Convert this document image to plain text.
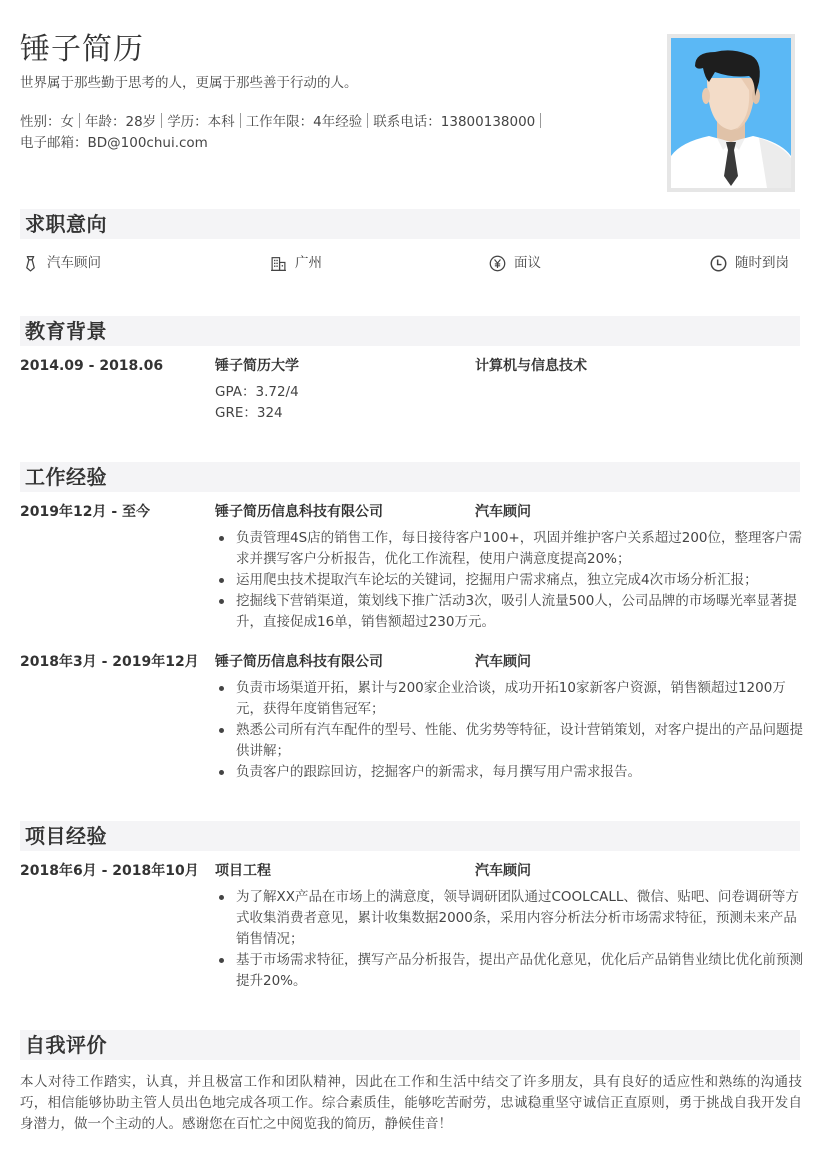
锤子简历
世界属于那些勤于思考的人，更属于那些善于行动的人。
性别：女 年龄：28岁 学历：本科 工作年限：4年经验 联系电话：13800138000
电子邮箱：BD@100chui.com
求职意向
汽车顾问	广州	面议	随时到岗
教育背景
2014.09 - 2018.06	锤子简历大学	计算机与信息技术
GPA：3.72/4
GRE：324
工作经验
2019年12月 - 至今	锤子简历信息科技有限公司	汽车顾问
负责管理4S店的销售工作，每日接待客户100+，巩固并维护客户关系超过200位，整理客户需求并撰写客户分析报告，优化工作流程，使用户满意度提高20%；
运用爬虫技术提取汽车论坛的关键词，挖掘用户需求痛点，独立完成4次市场分析汇报；
挖掘线下营销渠道，策划线下推广活动3次，吸引人流量500人，公司品牌的市场曝光率显著提升，直接促成16单，销售额超过230万元。
2018年3月 - 2019年12月 锤子简历信息科技有限公司	汽车顾问
负责市场渠道开拓，累计与200家企业洽谈，成功开拓10家新客户资源，销售额超过1200万元，获得年度销售冠军；
熟悉公司所有汽车配件的型号、性能、优劣势等特征，设计营销策划，对客户提出的产品问题提供讲解；
负责客户的跟踪回访，挖掘客户的新需求，每月撰写用户需求报告。
项目经验
2018年6月 - 2018年10月 项目工程	汽车顾问
为了解XX产品在市场上的满意度，领导调研团队通过COOLCALL、微信、贴吧、问卷调研等方式收集消费者意见，累计收集数据2000条，采用内容分析法分析市场需求特征，预测未来产品销售情况；
基于市场需求特征，撰写产品分析报告，提出产品优化意见，优化后产品销售业绩比优化前预测提升20%。
自我评价

本人对待工作踏实，认真，并且极富工作和团队精神，因此在工作和生活中结交了许多朋友，具有良好的适应性和熟练的沟通技巧，相信能够协助主管人员出色地完成各项工作。综合素质佳，能够吃苦耐劳，忠诚稳重坚守诚信正直原则，勇于挑战自我开发自身潜力，做一个主动的人。感谢您在百忙之中阅览我的简历，静候佳音！
